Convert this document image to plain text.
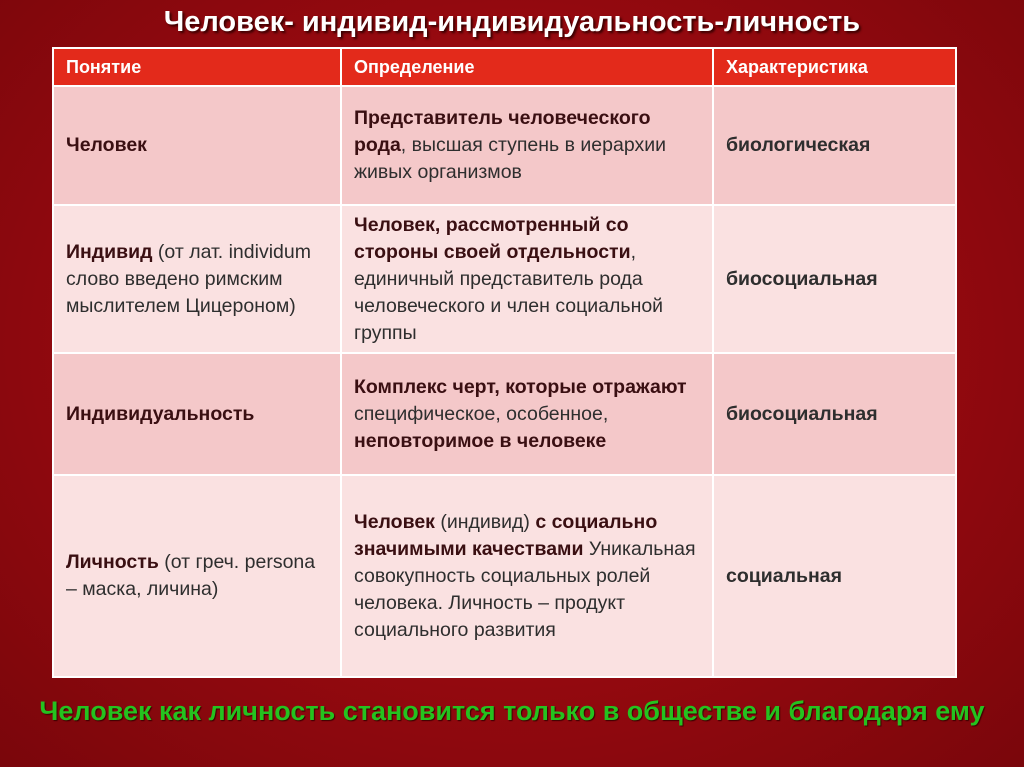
Человек- индивид-индивидуальность-личность
Понятие	Определение	Характеристика
Человек	Представитель человеческого рода, высшая ступень в иерархии живых организмов	биологическая
Индивид (от лат. individum слово введено римским мыслителем Цицероном)	Человек, рассмотренный со стороны своей отдельности, единичный представитель рода человеческого и член социальной группы	биосоциальная
Индивидуальность	Комплекс черт, которые отражают специфическое, особенное, неповторимое в человеке	биосоциальная
Личность (от греч. persona – маска, личина)	Человек (индивид) с социально значимыми качествами Уникальная совокупность социальных ролей человека. Личность – продукт социального развития	социальная

Человек как личность становится только в обществе и благодаря ему
